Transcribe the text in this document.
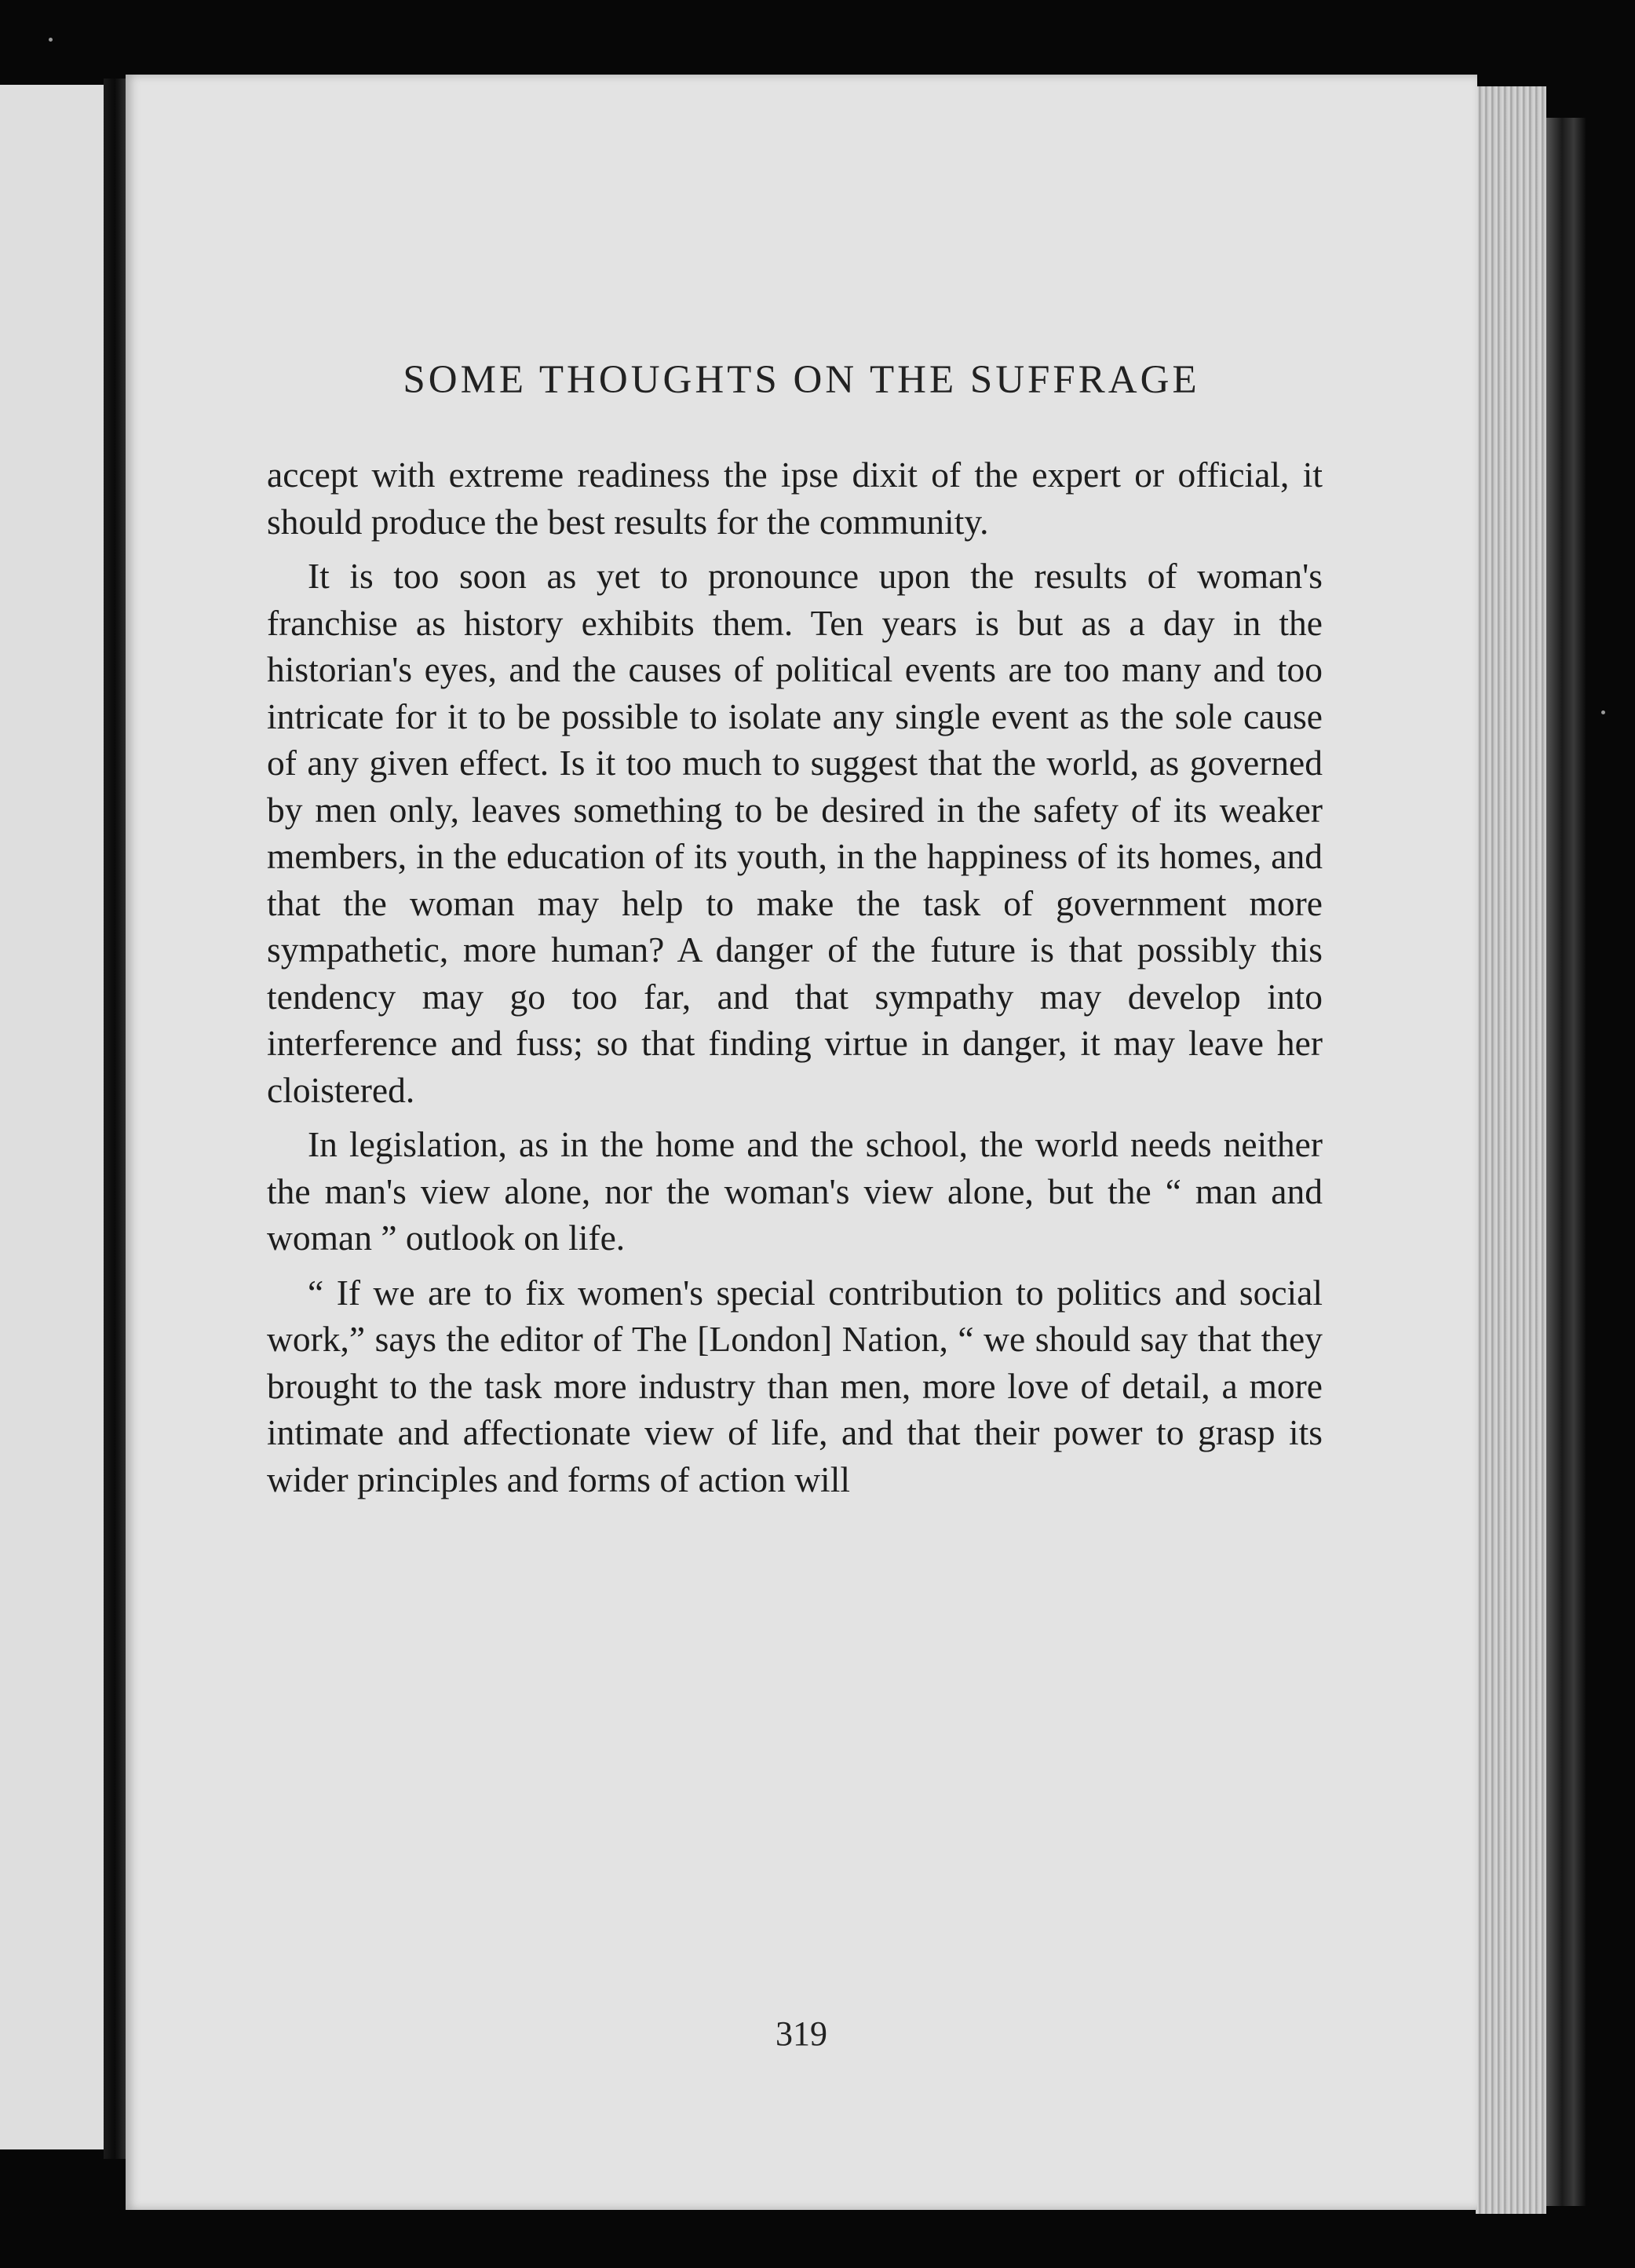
SOME THOUGHTS ON THE SUFFRAGE

accept with extreme readiness the ipse dixit of the expert or official, it should produce the best results for the community.

It is too soon as yet to pronounce upon the results of woman's franchise as history exhibits them. Ten years is but as a day in the historian's eyes, and the causes of political events are too many and too intricate for it to be possible to isolate any single event as the sole cause of any given effect. Is it too much to suggest that the world, as governed by men only, leaves something to be desired in the safety of its weaker members, in the education of its youth, in the happiness of its homes, and that the woman may help to make the task of government more sympathetic, more human? A danger of the future is that possibly this tendency may go too far, and that sympathy may develop into interference and fuss; so that finding virtue in danger, it may leave her cloistered.

In legislation, as in the home and the school, the world needs neither the man's view alone, nor the woman's view alone, but the “ man and woman ” outlook on life.

“ If we are to fix women's special contribution to politics and social work,” says the editor of The [London] Nation, “ we should say that they brought to the task more industry than men, more love of detail, a more intimate and affectionate view of life, and that their power to grasp its wider principles and forms of action will

319
